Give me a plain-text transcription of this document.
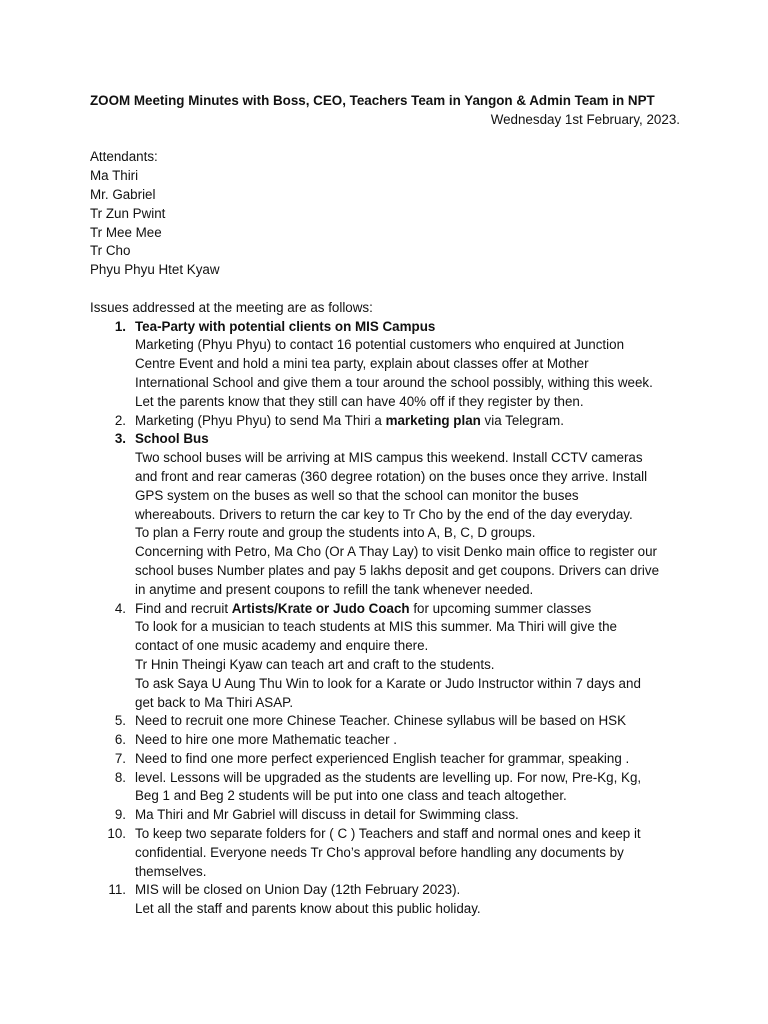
ZOOM Meeting Minutes with Boss, CEO, Teachers Team in Yangon & Admin Team in NPT
Wednesday 1st February, 2023.
Attendants:
Ma Thiri
Mr. Gabriel
Tr Zun Pwint
Tr Mee Mee
Tr Cho
Phyu Phyu Htet Kyaw
Issues addressed at the meeting are as follows:
1. Tea-Party with potential clients on MIS Campus
Marketing (Phyu Phyu) to contact 16 potential customers who enquired at Junction
Centre Event and hold a mini tea party, explain about classes offer at Mother
International School and give them a tour around the school possibly, withing this week.
Let the parents know that they still can have 40% off if they register by then.
2. Marketing (Phyu Phyu) to send Ma Thiri a marketing plan via Telegram.
3. School Bus
Two school buses will be arriving at MIS campus this weekend. Install CCTV cameras
and front and rear cameras (360 degree rotation) on the buses once they arrive. Install
GPS system on the buses as well so that the school can monitor the buses
whereabouts. Drivers to return the car key to Tr Cho by the end of the day everyday.
To plan a Ferry route and group the students into A, B, C, D groups.
Concerning with Petro, Ma Cho (Or A Thay Lay) to visit Denko main office to register our
school buses Number plates and pay 5 lakhs deposit and get coupons. Drivers can drive
in anytime and present coupons to refill the tank whenever needed.
4. Find and recruit Artists/Krate or Judo Coach for upcoming summer classes
To look for a musician to teach students at MIS this summer. Ma Thiri will give the
contact of one music academy and enquire there.
Tr Hnin Theingi Kyaw can teach art and craft to the students.
To ask Saya U Aung Thu Win to look for a Karate or Judo Instructor within 7 days and
get back to Ma Thiri ASAP.
5. Need to recruit one more Chinese Teacher. Chinese syllabus will be based on HSK
6. Need to hire one more Mathematic teacher .
7. Need to find one more perfect experienced English teacher for grammar, speaking .
8. level. Lessons will be upgraded as the students are levelling up. For now, Pre-Kg, Kg,
Beg 1 and Beg 2 students will be put into one class and teach altogether.
9. Ma Thiri and Mr Gabriel will discuss in detail for Swimming class.
10. To keep two separate folders for ( C ) Teachers and staff and normal ones and keep it
confidential. Everyone needs Tr Cho’s approval before handling any documents by
themselves.
11. MIS will be closed on Union Day (12th February 2023).
Let all the staff and parents know about this public holiday.
